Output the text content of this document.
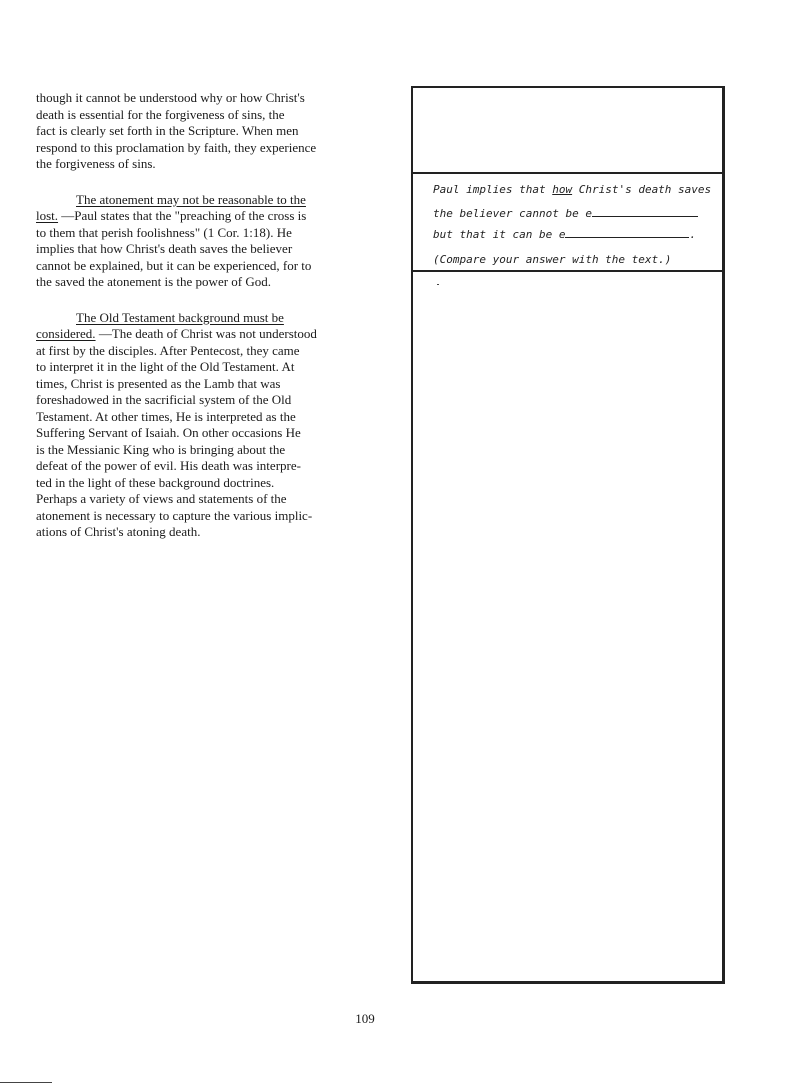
though it cannot be understood why or how Christ's

death is essential for the forgiveness of sins, the

fact is clearly set forth in the Scripture. When men

respond to this proclamation by faith, they experience

the forgiveness of sins.

The atonement may not be reasonable to the

lost. —Paul states that the "preaching of the cross is

to them that perish foolishness" (1 Cor. 1:18). He

implies that how Christ's death saves the believer

cannot be explained, but it can be experienced, for to

the saved the atonement is the power of God.

The Old Testament background must be

considered. —The death of Christ was not understood

at first by the disciples. After Pentecost, they came

to interpret it in the light of the Old Testament. At

times, Christ is presented as the Lamb that was

foreshadowed in the sacrificial system of the Old

Testament. At other times, He is interpreted as the

Suffering Servant of Isaiah. On other occasions He

is the Messianic King who is bringing about the

defeat of the power of evil. His death was interpre-

ted in the light of these background doctrines.

Perhaps a variety of views and statements of the

atonement is necessary to capture the various implic-

ations of Christ's atoning death.

Paul implies that how Christ's death saves
the believer cannot be e
but that it can be e	.
(Compare your answer with the text.)
109
